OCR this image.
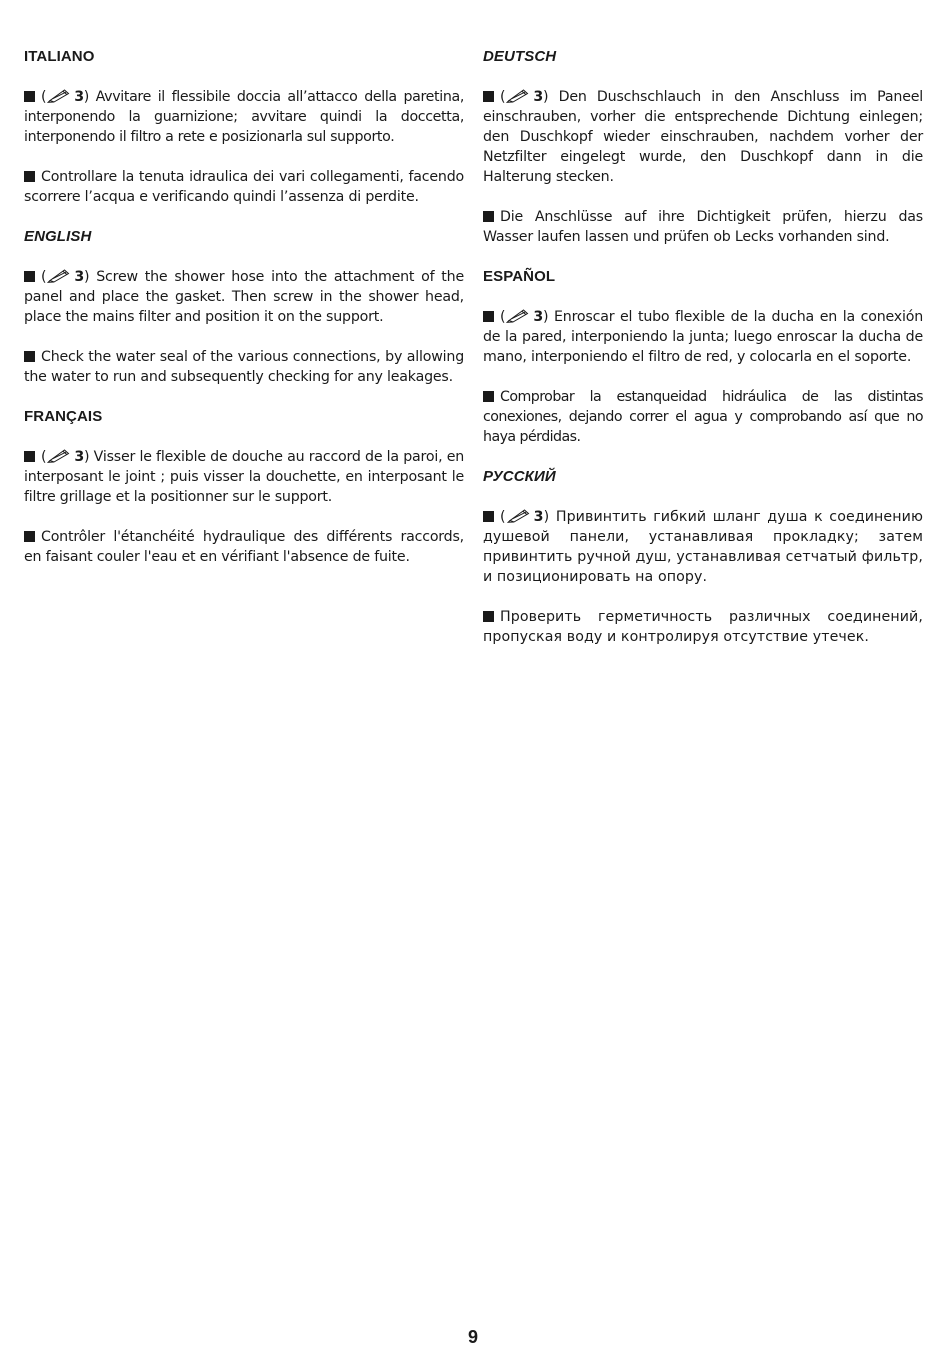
ITALIANO

( 3) Avvitare il flessibile doccia all’attacco della paretina, interponendo la guarnizione; avvitare quindi la doccetta, interponendo il filtro a rete e posizionarla sul supporto.

Controllare la tenuta idraulica dei vari collegamenti, facendo scorrere l’acqua e verificando quindi l’assenza di perdite.

ENGLISH

( 3) Screw the shower hose into the attachment of the panel and place the gasket. Then screw in the shower head, place the mains filter and position it on the support.

Check the water seal of the various connections, by allowing the water to run and subsequently checking for any leakages.

FRANÇAIS

( 3) Visser le flexible de douche au raccord de la paroi, en interposant le joint ; puis visser la douchette, en interposant le filtre grillage et la positionner sur le support.

Contrôler l'étanchéité hydraulique des différents raccords, en faisant couler l'eau et en vérifiant l'absence de fuite.

DEUTSCH

( 3) Den Duschschlauch in den Anschluss im Paneel einschrauben, vorher die entsprechende Dichtung einlegen; den Duschkopf wieder einschrauben, nachdem vorher der Netzfilter eingelegt wurde, den Duschkopf dann in die Halterung stecken.

Die Anschlüsse auf ihre Dichtigkeit prüfen, hierzu das Wasser laufen lassen und prüfen ob Lecks vorhanden sind.

ESPAÑOL

( 3) Enroscar el tubo flexible de la ducha en la conexión de la pared, interponiendo la junta; luego enroscar la ducha de mano, interponiendo el filtro de red, y colocarla en el soporte.

Comprobar la estanqueidad hidráulica de las distintas conexiones, dejando correr el agua y comprobando así que no haya pérdidas.

РУССКИЙ

( 3) Привинтить гибкий шланг душа к соединению душевой панели, устанавливая прокладку; затем привинтить ручной душ, устанавливая сетчатый фильтр, и позиционировать на опору.

Проверить герметичность различных соединений, пропуская воду и контролируя отсутствие утечек.

9
